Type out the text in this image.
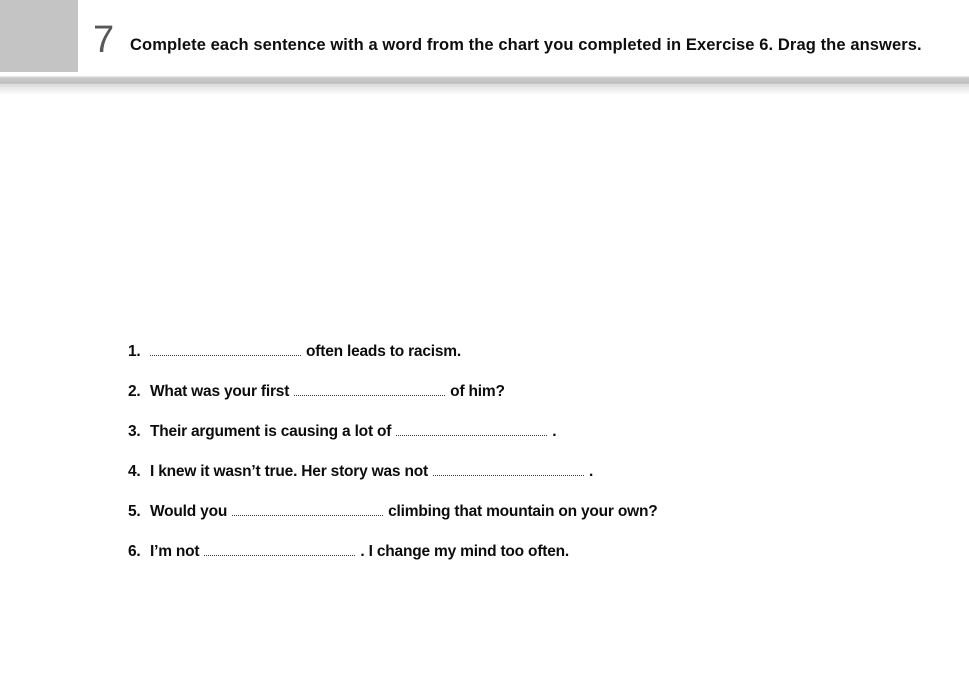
7 Complete each sentence with a word from the chart you completed in Exercise 6. Drag the answers.
1.	often leads to racism.
2. What was your first	of him?
3. Their argument is causing a lot of	.
4. I knew it wasn’t true. Her story was not	.
5. Would you	climbing that mountain on your own?
6. I’m not	. I change my mind too often.
